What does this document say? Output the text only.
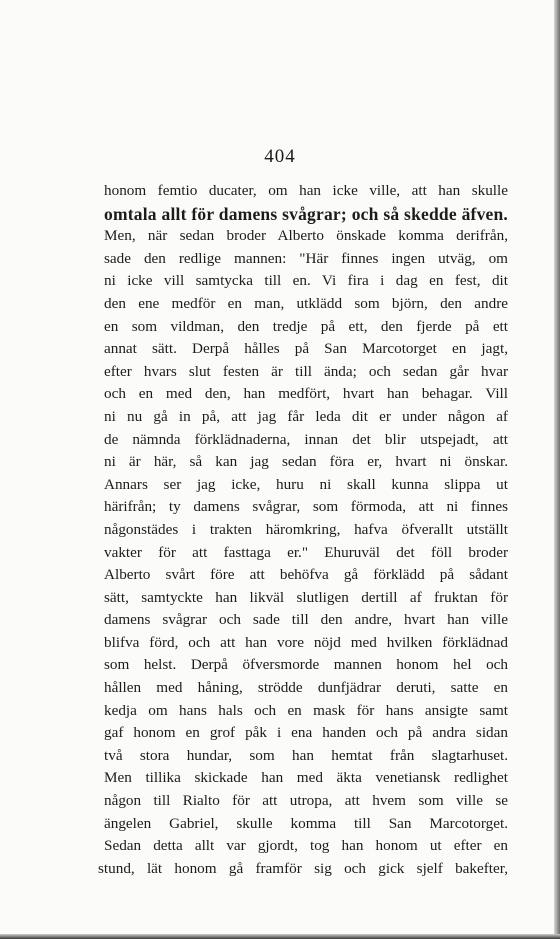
404
honom femtio ducater, om han icke ville, att han skulle
omtala allt för damens svågrar; och så skedde äfven.
Men, när sedan broder Alberto önskade komma derifrån,
sade den redlige mannen: "Här finnes ingen utväg, om
ni icke vill samtycka till en. Vi fira i dag en fest, dit
den ene medför en man, utklädd som björn, den andre
en som vildman, den tredje på ett, den fjerde på ett
annat sätt. Derpå hålles på San Marcotorget en jagt,
efter hvars slut festen är till ända; och sedan går hvar
och en med den, han medfört, hvart han behagar. Vill
ni nu gå in på, att jag får leda dit er under någon af
de nämnda förklädnaderna, innan det blir utspejadt, att
ni är här, så kan jag sedan föra er, hvart ni önskar.
Annars ser jag icke, huru ni skall kunna slippa ut
härifrån; ty damens svågrar, som förmoda, att ni finnes
någonstädes i trakten häromkring, hafva öfverallt utställt
vakter för att fasttaga er." Ehuruväl det föll broder
Alberto svårt före att behöfva gå förklädd på sådant
sätt, samtyckte han likväl slutligen dertill af fruktan för
damens svågrar och sade till den andre, hvart han ville
blifva förd, och att han vore nöjd med hvilken förklädnad
som helst. Derpå öfversmorde mannen honom hel och
hållen med håning, strödde dunfjädrar deruti, satte en
kedja om hans hals och en mask för hans ansigte samt
gaf honom en grof påk i ena handen och på andra sidan
två stora hundar, som han hemtat från slagtarhuset.
Men tillika skickade han med äkta venetiansk redlighet
någon till Rialto för att utropa, att hvem som ville se
ängelen Gabriel, skulle komma till San Marcotorget.
Sedan detta allt var gjordt, tog han honom ut efter en
stund, lät honom gå framför sig och gick sjelf bakefter,
